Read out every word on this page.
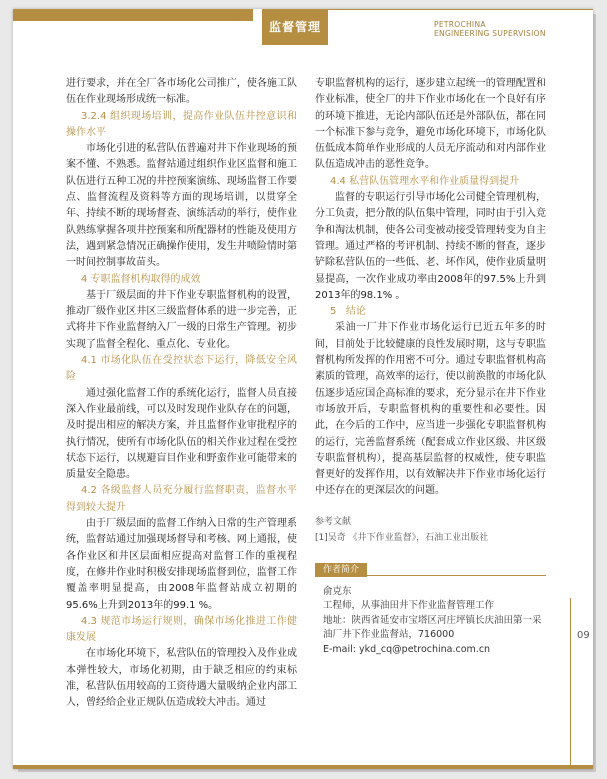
监督管理	PETROCHINA
ENGINEERING SUPERVISION

进行要求，并在全厂各市场化公司推广，使各施工队伍在作业现场形成统一标准。

3.2.4 组织现场培训，提高作业队伍井控意识和操作水平

市场化引进的私营队伍普遍对井下作业现场的预案不懂、不熟悉。监督站通过组织作业区监督和施工队伍进行五种工况的井控预案演练、现场监督工作要点、监督流程及资料等方面的现场培训，以贯穿全年、持续不断的现场督查、演练活动的举行，使作业队熟练掌握各项井控预案和所配器材的性能及使用方法，遇到紧急情况正确操作使用，发生井喷险情时第一时间控制事故苗头。

4 专职监督机构取得的成效

基于厂级层面的井下作业专职监督机构的设置，推动厂级作业区井区三级监督体系的进一步完善，正式将井下作业监督纳入厂一级的日常生产管理。初步实现了监督全程化、重点化、专业化。

4.1 市场化队伍在受控状态下运行，降低安全风险

通过强化监督工作的系统化运行，监督人员直接深入作业最前线，可以及时发现作业队存在的问题，及时提出相应的解决方案，并且监督作业审批程序的执行情况，使所有市场化队伍的相关作业过程在受控状态下运行，以规避盲目作业和野蛮作业可能带来的质量安全隐患。

4.2 各级监督人员充分履行监督职责，监督水平得到较大提升

由于厂级层面的监督工作纳入日常的生产管理系统，监督站通过加强现场督导和考核、网上通报，使各作业区和井区层面相应提高对监督工作的重视程度，在修井作业时积极安排现场监督到位，监督工作覆盖率明显提高，由2008年监督站成立初期的95.6%上升到2013年的99.1 %。

4.3 规范市场运行规则，确保市场化推进工作健康发展

在市场化环境下，私营队伍的管理投入及作业成本弹性较大，市场化初期，由于缺乏相应的约束标准，私营队伍用较高的工资待遇大量吸纳企业内部工人，曾经给企业正规队伍造成较大冲击。通过

专职监督机构的运行，逐步建立起统一的管理配置和作业标准，使全厂的井下作业市场化在一个良好有序的环境下推进，无论内部队伍还是外部队伍，都在同一个标准下参与竞争，避免市场化环境下，市场化队伍低成本简单作业形成的人员无序流动和对内部作业队伍造成冲击的恶性竞争。

4.4 私营队伍管理水平和作业质量得到提升

监督的专职运行引导市场化公司健全管理机构，分工负责，把分散的队伍集中管理，同时由于引入竞争和淘汰机制，使各公司变被动接受管理转变为自主管理。通过严格的考评机制、持续不断的督查，逐步铲除私营队伍的一些低、老、坏作风，使作业质量明显提高，一次作业成功率由2008年的97.5%上升到2013年的98.1% 。

5 结论

采油一厂井下作业市场化运行已近五年多的时间，目前处于比较健康的良性发展时期，这与专职监督机构所发挥的作用密不可分。通过专职监督机构高素质的管理，高效率的运行，使以前涣散的市场化队伍逐步适应国企高标准的要求，充分显示在井下作业市场放开后，专职监督机构的重要性和必要性。因此，在今后的工作中，应当进一步强化专职监督机构的运行，完善监督系统（配套成立作业区级、井区级专职监督机构），提高基层监督的权威性，使专职监督更好的发挥作用，以有效解决井下作业市场化运行中还存在的更深层次的问题。

参考文献

[1]吴奇 《井下作业监督》，石油工业出版社

作者简介
俞克东
工程师，从事油田井下作业监督管理工作
地址：陕西省延安市宝塔区河庄坪镇长庆油田第一采油厂井下作业监督站，716000
E-mail: ykd_cq@petrochina.com.cn
09
